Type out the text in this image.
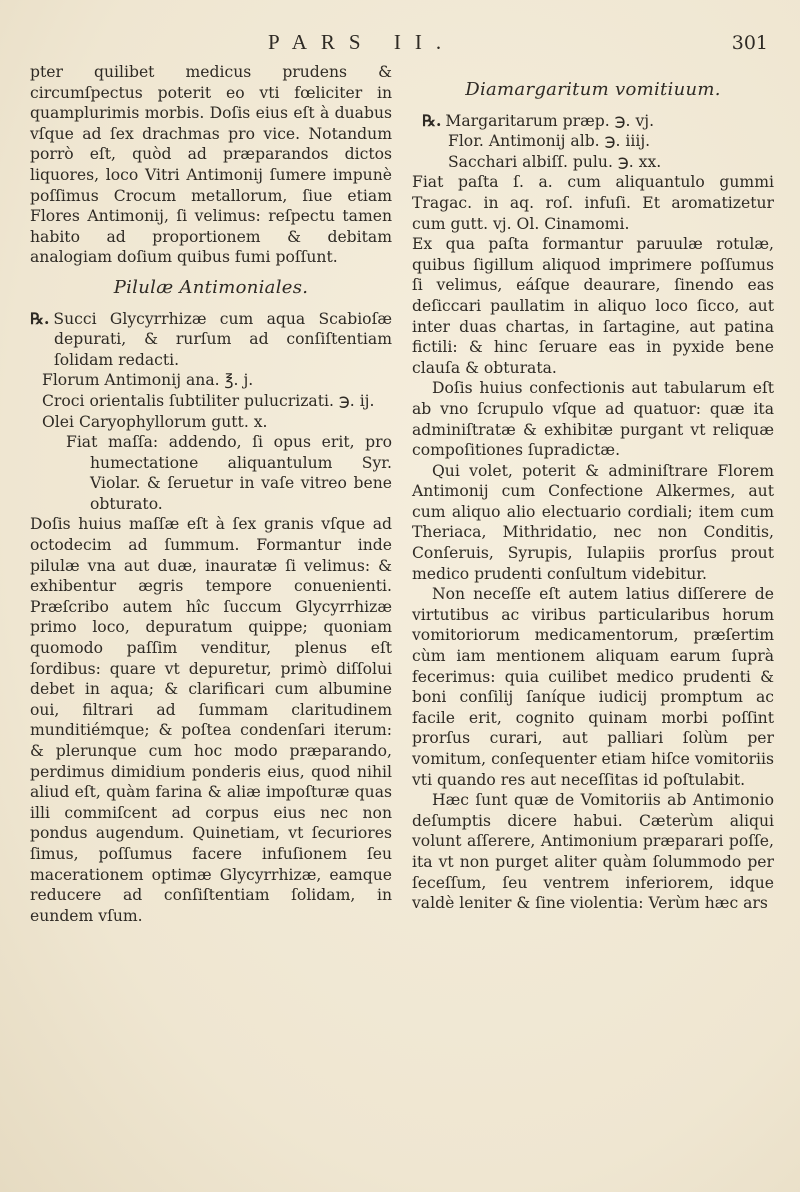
PARS II.	301

pter quilibet medicus prudens & circumſpectus poterit eo vti fœliciter in quamplurimis morbis. Doſis eius eſt à duabus vſque ad ſex drachmas pro vice. Notandum porrò eſt, quòd ad præparandos dictos liquores, loco Vitri Antimonij ſumere impunè poſſimus Crocum metallorum, ſiue etiam Flores Antimonij, ſi velimus: reſpectu tamen habito ad proportionem & debitam analogiam doſium quibus fumi poſſunt.

Pilulæ Antimoniales.

℞. Succi Glycyrrhizæ cum aqua Scabioſæ depurati, & rurſum ad conſiſtentiam ſolidam redacti.

Florum Antimonij ana. ℥. j.

Croci orientalis ſubtiliter pulucrizati. ℈. ij.

Olei Caryophyllorum gutt. x.

Fiat maſſa: addendo, ſi opus erit, pro humectatione aliquantulum Syr. Violar. & ſeruetur in vaſe vitreo bene obturato.

Doſis huius maſſæ eſt à ſex granis vſque ad octodecim ad ſummum. Formantur inde pilulæ vna aut duæ, inauratæ ſi velimus: & exhibentur ægris tempore conuenienti. Præſcribo autem hîc ſuccum Glycyrrhizæ primo loco, depuratum quippe; quoniam quomodo paſſim venditur, plenus eſt ſordibus: quare vt depuretur, primò diſſolui debet in aqua; & clarificari cum albumine oui, filtrari ad ſummam claritudinem munditiémque; & poſtea condenſari iterum: & plerunque cum hoc modo præparando, perdimus dimidium ponderis eius, quod nihil aliud eſt, quàm farina & aliæ impoſturæ quas illi commiſcent ad corpus eius nec non pondus augendum. Quinetiam, vt ſecuriores ſimus, poſſumus facere infuſionem ſeu macerationem optimæ Glycyrrhizæ, eamque reducere ad conſiſtentiam ſolidam, in eundem vſum.

Diamargaritum vomitiuum.

℞. Margaritarum præp. ℈. vj.

Flor. Antimonij alb. ℈. iiij.

Sacchari albiſſ. pulu. ℈. xx.

Fiat paſta ſ. a. cum aliquantulo gummi Tragac. in aq. roſ. infuſi. Et aromatizetur cum gutt. vj. Ol. Cinamomi.

Ex qua paſta formantur paruulæ rotulæ, quibus ſigillum aliquod imprimere poſſumus ſi velimus, eáſque deaurare, ſinendo eas deſiccari paullatim in aliquo loco ſicco, aut inter duas chartas, in ſartagine, aut patina fictili: & hinc ſeruare eas in pyxide bene clauſa & obturata.

Doſis huius confectionis aut tabularum eſt ab vno ſcrupulo vſque ad quatuor: quæ ita adminiſtratæ & exhibitæ purgant vt reliquæ compoſitiones ſupradictæ.

Qui volet, poterit & adminiſtrare Florem Antimonij cum Confectione Alkermes, aut cum aliquo alio electuario cordiali; item cum Theriaca, Mithridatio, nec non Conditis, Conſeruis, Syrupis, Iulapiis prorſus prout medico prudenti conſultum videbitur.

Non neceſſe eſt autem latius diſſerere de virtutibus ac viribus particularibus horum vomitoriorum medicamentorum, præſertim cùm iam mentionem aliquam earum ſuprà fecerimus: quia cuilibet medico prudenti & boni conſilij ſaníque iudicij promptum ac facile erit, cognito quinam morbi poſſint prorſus curari, aut palliari ſolùm per vomitum, conſequenter etiam hiſce vomitoriis vti quando res aut neceſſitas id poſtulabit.

Hæc ſunt quæ de Vomitoriis ab Antimonio deſumptis dicere habui. Cæterùm aliqui volunt aſſerere, Antimonium præparari poſſe, ita vt non purget aliter quàm ſolummodo per ſeceſſum, ſeu ventrem inferiorem, idque valdè leniter & ſine violentia: Verùm hæc ars
